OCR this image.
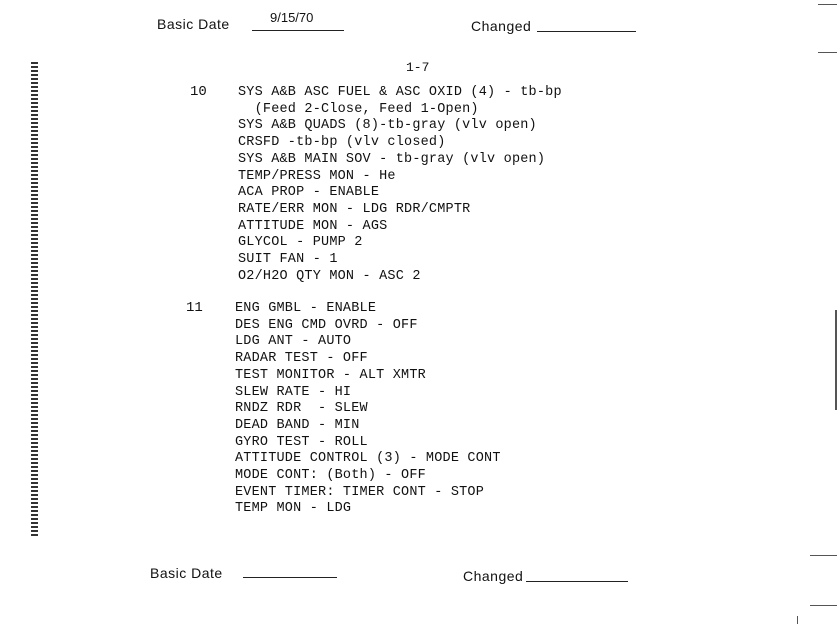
Basic Date	9/15/70
Changed
1-7
10 SYS A&B ASC FUEL & ASC OXID (4) - tb-bp
(Feed 2-Close, Feed 1-Open)
SYS A&B QUADS (8)-tb-gray (vlv open)
CRSFD -tb-bp (vlv closed)
SYS A&B MAIN SOV - tb-gray (vlv open)
TEMP/PRESS MON - He
ACA PROP - ENABLE
RATE/ERR MON - LDG RDR/CMPTR
ATTITUDE MON - AGS
GLYCOL - PUMP 2
SUIT FAN - 1
O2/H2O QTY MON - ASC 2
11 ENG GMBL - ENABLE
DES ENG CMD OVRD - OFF
LDG ANT - AUTO
RADAR TEST - OFF
TEST MONITOR - ALT XMTR
SLEW RATE - HI
RNDZ RDR  - SLEW
DEAD BAND - MIN
GYRO TEST - ROLL
ATTITUDE CONTROL (3) - MODE CONT
MODE CONT: (Both) - OFF
EVENT TIMER: TIMER CONT - STOP
TEMP MON - LDG
Basic Date	Changed
